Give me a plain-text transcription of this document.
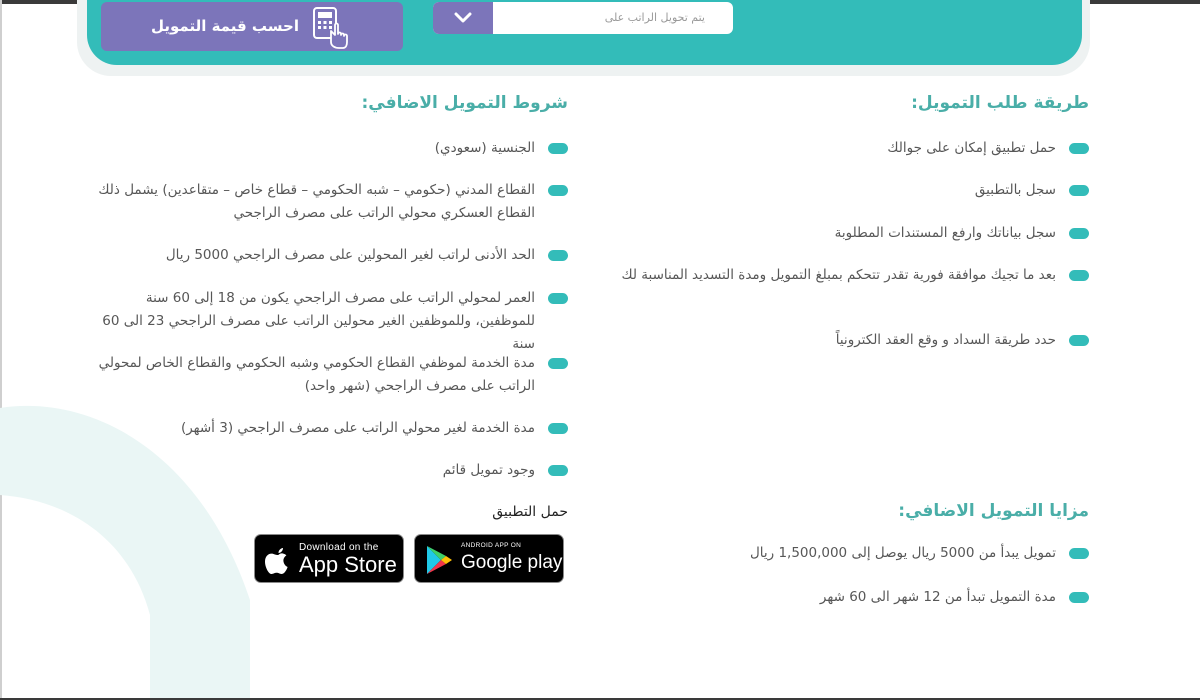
يتم تحويل الراتب على
احسب قيمة التمويل
طريقة طلب التمويل:
حمل تطبيق إمكان على جوالك
سجل بالتطبيق
سجل بياناتك وارفع المستندات المطلوبة
بعد ما تجيك موافقة فورية تقدر تتحكم بمبلغ التمويل ومدة التسديد المناسبة لك
حدد طريقة السداد و وقع العقد الكترونياً
مزايا التمويل الاضافي:
تمويل يبدأ من 5000 ريال يوصل إلى 1,500,000 ريال
مدة التمويل تبدأ من 12 شهر الى 60 شهر
شروط التمويل الاضافي:
الجنسية (سعودي)
القطاع المدني (حكومي – شبه الحكومي – قطاع خاص – متقاعدين) يشمل ذلك القطاع العسكري محولي الراتب على مصرف الراجحي
الحد الأدنى لراتب لغير المحولين على مصرف الراجحي 5000 ريال
العمر لمحولي الراتب على مصرف الراجحي يكون من 18 إلى 60 سنة للموظفين، وللموظفين الغير محولين الراتب على مصرف الراجحي 23 الى 60 سنة
مدة الخدمة لموظفي القطاع الحكومي وشبه الحكومي والقطاع الخاص لمحولي الراتب على مصرف الراجحي (شهر واحد)
مدة الخدمة لغير محولي الراتب على مصرف الراجحي (3 أشهر)
وجود تمويل قائم
حمل التطبيق
ANDROID APP ON
Google play
Download on the
App Store
